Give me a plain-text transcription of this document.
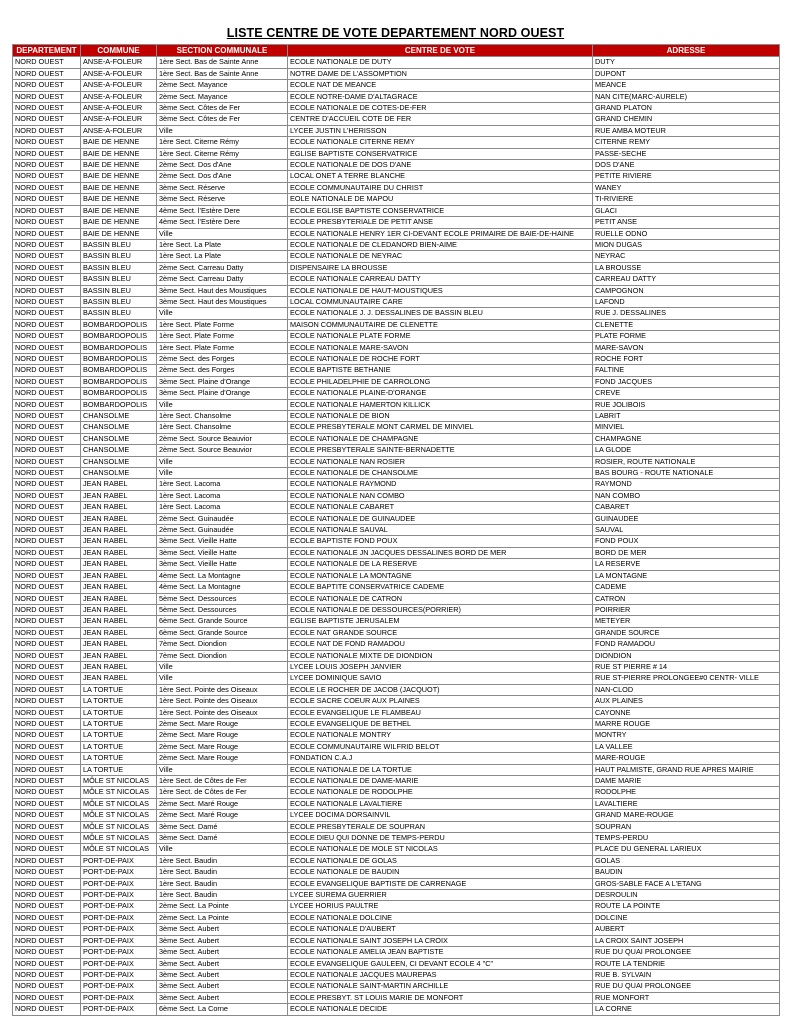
LISTE CENTRE DE VOTE DEPARTEMENT NORD OUEST
DEPARTEMENT	COMMUNE	SECTION COMMUNALE	CENTRE DE VOTE	ADRESSE
NORD OUEST	ANSE-A-FOLEUR	1ère Sect. Bas de Sainte Anne	ECOLE NATIONALE DE DUTY	DUTY
NORD OUEST	ANSE-A-FOLEUR	1ère Sect. Bas de Sainte Anne	NOTRE DAME DE L'ASSOMPTION	DUPONT
NORD OUEST	ANSE-A-FOLEUR	2ème Sect. Mayance	ECOLE NAT DE MEANCE	MEANCE
NORD OUEST	ANSE-A-FOLEUR	2ème Sect. Mayance	ECOLE NOTRE-DAME D'ALTAGRACE	NAN CITE(MARC-AURELE)
NORD OUEST	ANSE-A-FOLEUR	3ème Sect. Côtes de Fer	ECOLE NATIONALE DE COTES-DE-FER	GRAND PLATON
NORD OUEST	ANSE-A-FOLEUR	3ème Sect. Côtes de Fer	CENTRE D'ACCUEIL COTE DE FER	GRAND CHEMIN
NORD OUEST	ANSE-A-FOLEUR	Ville	LYCEE JUSTIN L'HERISSON	RUE AMBA MOTEUR
NORD OUEST	BAIE DE HENNE	1ère Sect. Citerne Rémy	ECOLE NATIONALE CITERNE REMY	CITERNE REMY
NORD OUEST	BAIE DE HENNE	1ère Sect. Citerne Rémy	EGLISE BAPTISTE CONSERVATRICE	PASSE-SECHE
NORD OUEST	BAIE DE HENNE	2ème Sect. Dos d'Ane	ECOLE NATIONALE DE DOS D'ANE	DOS D'ANE
NORD OUEST	BAIE DE HENNE	2ème Sect. Dos d'Ane	LOCAL ONET A TERRE BLANCHE	PETITE RIVIERE
NORD OUEST	BAIE DE HENNE	3ème Sect. Réserve	ECOLE COMMUNAUTAIRE DU CHRIST	WANEY
NORD OUEST	BAIE DE HENNE	3ème Sect. Réserve	EOLE NATIONALE DE MAPOU	TI-RIVIERE
NORD OUEST	BAIE DE HENNE	4ème Sect. l'Estère Dere	ECOLE EGLISE BAPTISTE CONSERVATRICE	GLACI
NORD OUEST	BAIE DE HENNE	4ème Sect. l'Estère Dere	ECOLE PRESBYTERIALE DE PETIT ANSE	PETIT ANSE
NORD OUEST	BAIE DE HENNE	Ville	ECOLE NATIONALE HENRY 1ER CI-DEVANT ECOLE PRIMAIRE DE BAIE-DE-HAINE	RUELLE ODNO
NORD OUEST	BASSIN BLEU	1ère Sect. La Plate	ECOLE NATIONALE DE CLEDANORD BIEN-AIME	MION DUGAS
NORD OUEST	BASSIN BLEU	1ère Sect. La Plate	ECOLE NATIONALE DE NEYRAC	NEYRAC
NORD OUEST	BASSIN BLEU	2ème Sect. Carreau Datty	DISPENSAIRE LA BROUSSE	LA BROUSSE
NORD OUEST	BASSIN BLEU	2ème Sect. Carreau Datty	ECOLE NATIONALE CARREAU DATTY	CARREAU DATTY
NORD OUEST	BASSIN BLEU	3ème Sect. Haut des Moustiques	ECOLE NATIONALE DE HAUT-MOUSTIQUES	CAMPOGNON
NORD OUEST	BASSIN BLEU	3ème Sect. Haut des Moustiques	LOCAL COMMUNAUTAIRE CARE	LAFOND
NORD OUEST	BASSIN BLEU	Ville	ECOLE NATIONALE J. J. DESSALINES DE BASSIN BLEU	RUE J. DESSALINES
NORD OUEST	BOMBARDOPOLIS	1ère Sect. Plate Forme	MAISON COMMUNAUTAIRE DE CLENETTE	CLENETTE
NORD OUEST	BOMBARDOPOLIS	1ère Sect. Plate Forme	ECOLE NATIONALE PLATE FORME	PLATE FORME
NORD OUEST	BOMBARDOPOLIS	1ère Sect. Plate Forme	ECOLE NATIONALE MARE-SAVON	MARE-SAVON
NORD OUEST	BOMBARDOPOLIS	2ème Sect. des Forges	ECOLE NATIONALE DE ROCHE FORT	ROCHE FORT
NORD OUEST	BOMBARDOPOLIS	2ème Sect. des Forges	ECOLE BAPTISTE BETHANIE	FALTINE
NORD OUEST	BOMBARDOPOLIS	3ème Sect. Plaine d'Orange	ECOLE PHILADELPHIE DE CARROLONG	FOND JACQUES
NORD OUEST	BOMBARDOPOLIS	3ème Sect. Plaine d'Orange	ECOLE NATIONALE PLAINE-D'ORANGE	CREVE
NORD OUEST	BOMBARDOPOLIS	Ville	ECOLE NATIONALE HAMERTON KILLICK	RUE JOLIBOIS
NORD OUEST	CHANSOLME	1ère Sect. Chansolme	ECOLE NATIONALE DE BION	LABRIT
NORD OUEST	CHANSOLME	1ère Sect. Chansolme	ECOLE PRESBYTERALE MONT CARMEL DE MINVIEL	MINVIEL
NORD OUEST	CHANSOLME	2ème Sect. Source Beauvior	ECOLE NATIONALE DE CHAMPAGNE	CHAMPAGNE
NORD OUEST	CHANSOLME	2ème Sect. Source Beauvior	ECOLE PRESBYTERALE SAINTE-BERNADETTE	LA GLODE
NORD OUEST	CHANSOLME	Ville	ECOLE NATIONALE NAN ROSIER	ROSIER, ROUTE NATIONALE
NORD OUEST	CHANSOLME	Ville	ECOLE NATIONALE DE CHANSOLME	BAS BOURG - ROUTE NATIONALE
NORD OUEST	JEAN RABEL	1ère Sect. Lacoma	ECOLE NATIONALE RAYMOND	RAYMOND
NORD OUEST	JEAN RABEL	1ère Sect. Lacoma	ECOLE NATIONALE NAN COMBO	NAN COMBO
NORD OUEST	JEAN RABEL	1ère Sect. Lacoma	ECOLE NATIONALE CABARET	CABARET
NORD OUEST	JEAN RABEL	2ème Sect. Guinaudée	ECOLE NATIONALE DE GUINAUDEE	GUINAUDEE
NORD OUEST	JEAN RABEL	2ème Sect. Guinaudée	ECOLE NATIONALE SAUVAL	SAUVAL
NORD OUEST	JEAN RABEL	3ème Sect. Vieille Hatte	ECOLE BAPTISTE FOND POUX	FOND POUX
NORD OUEST	JEAN RABEL	3ème Sect. Vieille Hatte	ECOLE NATIONALE JN JACQUES DESSALINES BORD DE MER	BORD DE MER
NORD OUEST	JEAN RABEL	3ème Sect. Vieille Hatte	ECOLE NATIONALE DE LA RESERVE	LA RESERVE
NORD OUEST	JEAN RABEL	4ème Sect. La Montagne	ECOLE NATIONALE LA MONTAGNE	LA MONTAGNE
NORD OUEST	JEAN RABEL	4ème Sect. La Montagne	ECOLE BAPTITE CONSERVATRICE CADEME	CADEME
NORD OUEST	JEAN RABEL	5ème Sect. Dessources	ECOLE NATIONALE DE CATRON	CATRON
NORD OUEST	JEAN RABEL	5ème Sect. Dessources	ECOLE NATIONALE DE DESSOURCES(PORRIER)	POIRRIER
NORD OUEST	JEAN RABEL	6ème Sect. Grande Source	EGLISE BAPTISTE JERUSALEM	METEYER
NORD OUEST	JEAN RABEL	6ème Sect. Grande Source	ECOLE NAT GRANDE SOURCE	GRANDE SOURCE
NORD OUEST	JEAN RABEL	7ème Sect. Diondion	ECOLE NAT DE FOND RAMADOU	FOND RAMADOU
NORD OUEST	JEAN RABEL	7ème Sect. Diondion	ECOLE NATIONALE MIXTE DE DIONDION	DIONDION
NORD OUEST	JEAN RABEL	Ville	LYCEE LOUIS JOSEPH JANVIER	RUE ST PIERRE # 14
NORD OUEST	JEAN RABEL	Ville	LYCEE DOMINIQUE SAVIO	RUE ST-PIERRE PROLONGEE#0 CENTR- VILLE
NORD OUEST	LA TORTUE	1ère Sect. Pointe des Oiseaux	ECOLE LE ROCHER DE JACOB (JACQUOT)	NAN-CLOD
NORD OUEST	LA TORTUE	1ère Sect. Pointe des Oiseaux	ECOLE SACRE COEUR AUX PLAINES	AUX PLAINES
NORD OUEST	LA TORTUE	1ère Sect. Pointe des Oiseaux	ECOLE EVANGELIQUE LE FLAMBEAU	CAYONNE
NORD OUEST	LA TORTUE	2ème Sect. Mare Rouge	ECOLE EVANGELIQUE DE BETHEL	MARRE ROUGE
NORD OUEST	LA TORTUE	2ème Sect. Mare Rouge	ECOLE NATIONALE MONTRY	MONTRY
NORD OUEST	LA TORTUE	2ème Sect. Mare Rouge	ECOLE COMMUNAUTAIRE WILFRID BELOT	LA VALLEE
NORD OUEST	LA TORTUE	2ème Sect. Mare Rouge	FONDATION C.A.J	MARE-ROUGE
NORD OUEST	LA TORTUE	Ville	ECOLE NATIONALE DE LA TORTUE	HAUT PALMISTE, GRAND RUE APRES MAIRIE
NORD OUEST	MÔLE ST NICOLAS	1ère Sect. de Côtes de Fer	ECOLE NATIONALE DE DAME-MARIE	DAME MARIE
NORD OUEST	MÔLE ST NICOLAS	1ère Sect. de Côtes de Fer	ECOLE NATIONALE DE RODOLPHE	RODOLPHE
NORD OUEST	MÔLE ST NICOLAS	2ème Sect. Maré Rouge	ECOLE NATIONALE LAVALTIERE	LAVALTIERE
NORD OUEST	MÔLE ST NICOLAS	2ème Sect. Maré Rouge	LYCEE DOCIMA DORSAINVIL	GRAND MARE-ROUGE
NORD OUEST	MÔLE ST NICOLAS	3ème Sect. Damé	ECOLE PRESBYTERALE DE SOUPRAN	SOUPRAN
NORD OUEST	MÔLE ST NICOLAS	3ème Sect. Damé	ECOLE DIEU QUI DONNE DE TEMPS-PERDU	TEMPS-PERDU
NORD OUEST	MÔLE ST NICOLAS	Ville	ECOLE NATIONALE DE MOLE ST NICOLAS	PLACE DU GENERAL LARIEUX
NORD OUEST	PORT-DE-PAIX	1ère Sect. Baudin	ECOLE NATIONALE DE GOLAS	GOLAS
NORD OUEST	PORT-DE-PAIX	1ère Sect. Baudin	ECOLE NATIONALE DE BAUDIN	BAUDIN
NORD OUEST	PORT-DE-PAIX	1ère Sect. Baudin	ECOLE EVANGELIQUE BAPTISTE DE CARRENAGE	GROS-SABLE FACE A L'ETANG
NORD OUEST	PORT-DE-PAIX	1ère Sect. Baudin	LYCEE SUREMA GUERRIER	DESROULIN
NORD OUEST	PORT-DE-PAIX	2ème Sect. La Pointe	LYCEE HORIUS PAULTRE	ROUTE LA POINTE
NORD OUEST	PORT-DE-PAIX	2ème Sect. La Pointe	ECOLE NATIONALE DOLCINE	DOLCINE
NORD OUEST	PORT-DE-PAIX	3ème Sect. Aubert	ECOLE NATIONALE D'AUBERT	AUBERT
NORD OUEST	PORT-DE-PAIX	3ème Sect. Aubert	ECOLE NATIONALE SAINT JOSEPH LA CROIX	LA CROIX SAINT JOSEPH
NORD OUEST	PORT-DE-PAIX	3ème Sect. Aubert	ECOLE NATIONALE AMELIA JEAN BAPTISTE	RUE DU QUAI PROLONGEE
NORD OUEST	PORT-DE-PAIX	3ème Sect. Aubert	ECOLE EVANGELIQUE GAULEEN, CI DEVANT ECOLE 4 "C"	ROUTE LA TENDRIE
NORD OUEST	PORT-DE-PAIX	3ème Sect. Aubert	ECOLE NATIONALE JACQUES MAUREPAS	RUE B. SYLVAIN
NORD OUEST	PORT-DE-PAIX	3ème Sect. Aubert	ECOLE NATIONALE SAINT-MARTIN ARCHILLE	RUE DU QUAI PROLONGEE
NORD OUEST	PORT-DE-PAIX	3ème Sect. Aubert	ECOLE PRESBYT. ST LOUIS MARIE DE MONFORT	RUE MONFORT
NORD OUEST	PORT-DE-PAIX	6ème Sect. La Corne	ECOLE NATIONALE DECIDE	LA CORNE
